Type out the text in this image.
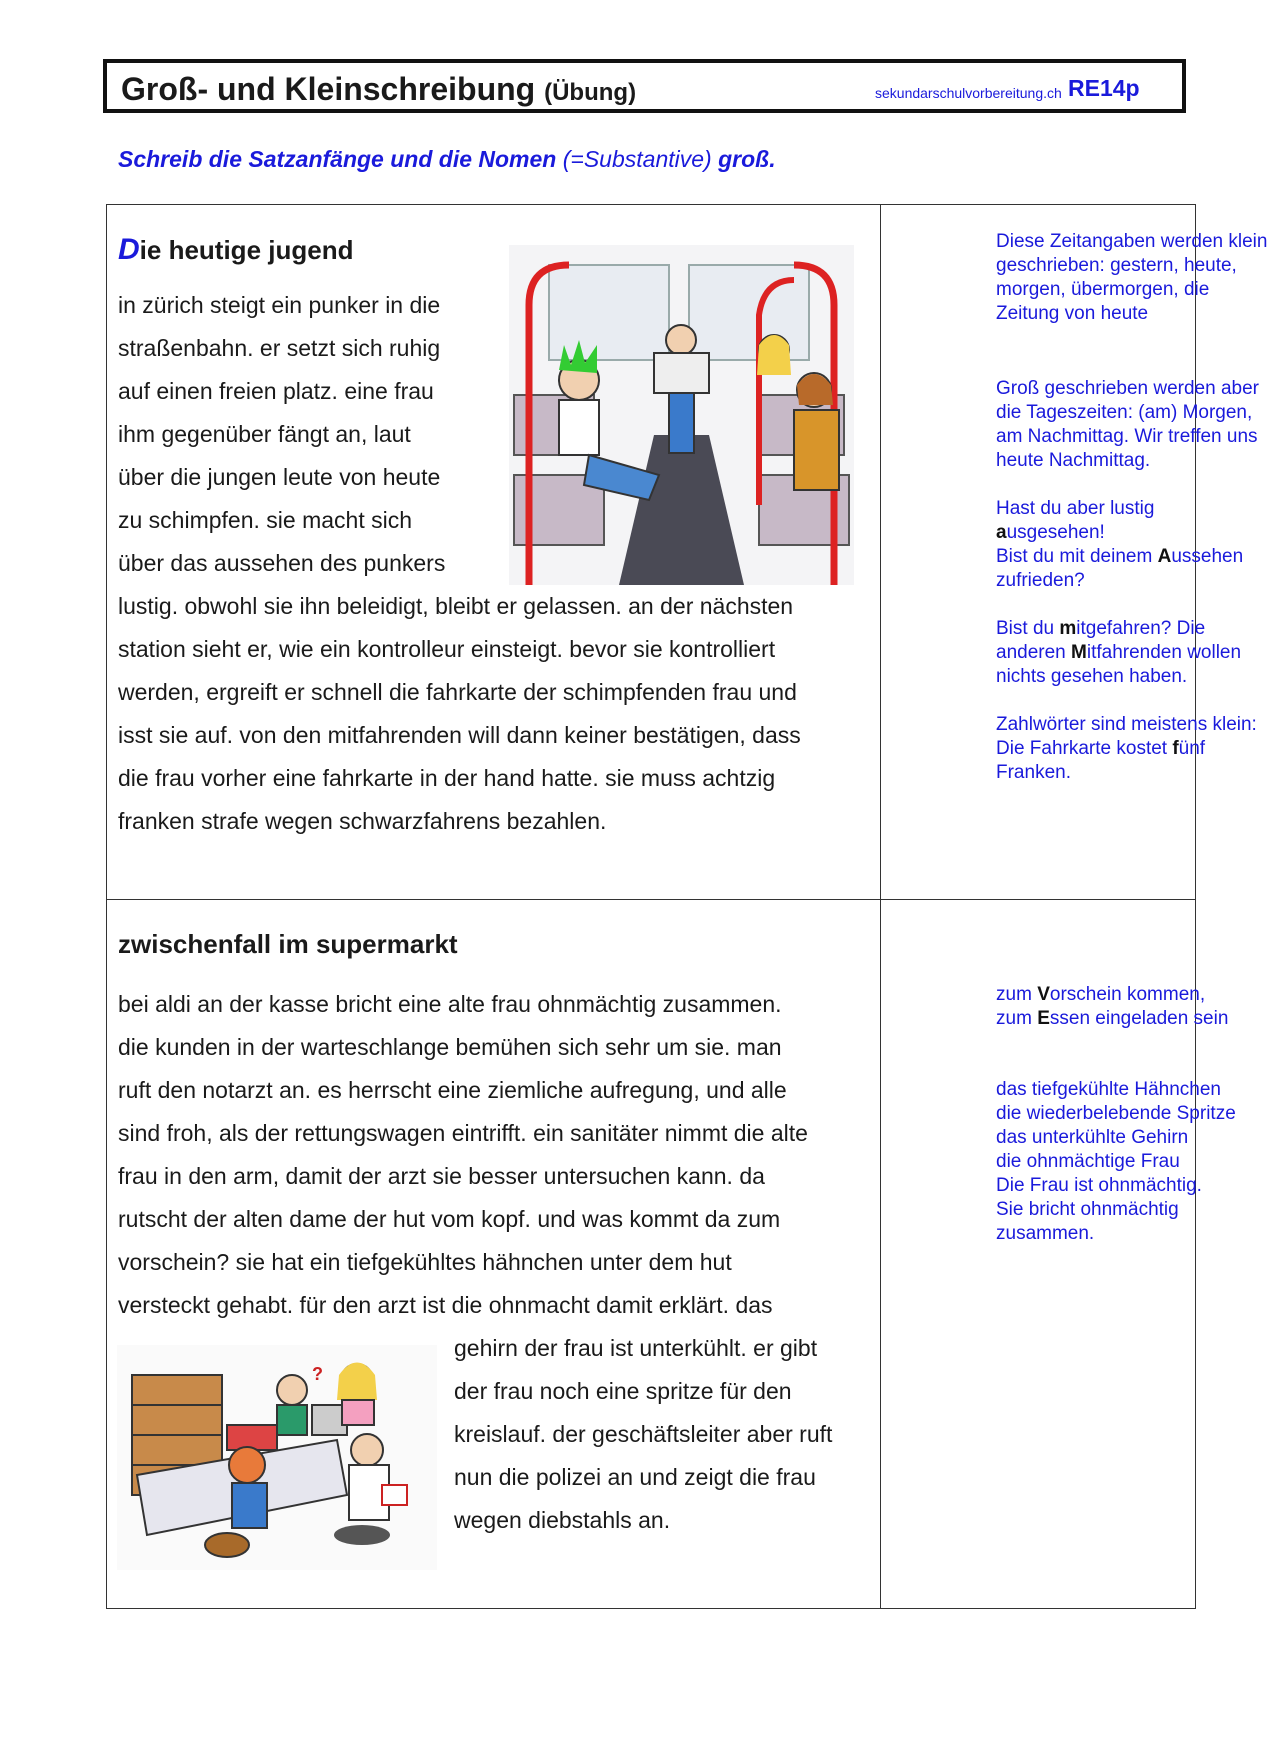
Groß- und Kleinschreibung (Übung)	sekundarschulvorbereitung.ch RE14p
Schreib die Satzanfänge und die Nomen (=Substantive) groß.
Die heutige jugend

in zürich steigt ein punker in die
straßenbahn. er setzt sich ruhig
auf einen freien platz. eine frau
ihm gegenüber fängt an, laut
über die jungen leute von heute
zu schimpfen. sie macht sich
über das aussehen des punkers
lustig. obwohl sie ihn beleidigt, bleibt er gelassen. an der nächsten
station sieht er, wie ein kontrolleur einsteigt. bevor sie kontrolliert
werden, ergreift er schnell die fahrkarte der schimpfenden frau und
isst sie auf. von den mitfahrenden will dann keiner bestätigen, dass
die frau vorher eine fahrkarte in der hand hatte. sie muss achtzig
franken strafe wegen schwarzfahrens bezahlen.

Diese Zeitangaben werden klein
geschrieben: gestern, heute,
morgen, übermorgen, die
Zeitung von heute

Groß geschrieben werden aber
die Tageszeiten: (am) Morgen,
am Nachmittag. Wir treffen uns
heute Nachmittag.

Hast du aber lustig
ausgesehen!
Bist du mit deinem Aussehen
zufrieden?

Bist du mitgefahren? Die
anderen Mitfahrenden wollen
nichts gesehen haben.

Zahlwörter sind meistens klein:
Die Fahrkarte kostet fünf
Franken.

zwischenfall im supermarkt

bei aldi an der kasse bricht eine alte frau ohnmächtig zusammen.
die kunden in der warteschlange bemühen sich sehr um sie. man
ruft den notarzt an. es herrscht eine ziemliche aufregung, und alle
sind froh, als der rettungswagen eintrifft. ein sanitäter nimmt die alte
frau in den arm, damit der arzt sie besser untersuchen kann. da
rutscht der alten dame der hut vom kopf. und was kommt da zum
vorschein? sie hat ein tiefgekühltes hähnchen unter dem hut
versteckt gehabt. für den arzt ist die ohnmacht damit erklärt. das

gehirn der frau ist unterkühlt. er gibt
der frau noch eine spritze für den
kreislauf. der geschäftsleiter aber ruft
nun die polizei an und zeigt die frau
wegen diebstahls an.

?

zum Vorschein kommen,
zum Essen eingeladen sein

das tiefgekühlte Hähnchen
die wiederbelebende Spritze
das unterkühlte Gehirn
die ohnmächtige Frau
Die Frau ist ohnmächtig.
Sie bricht ohnmächtig
zusammen.
